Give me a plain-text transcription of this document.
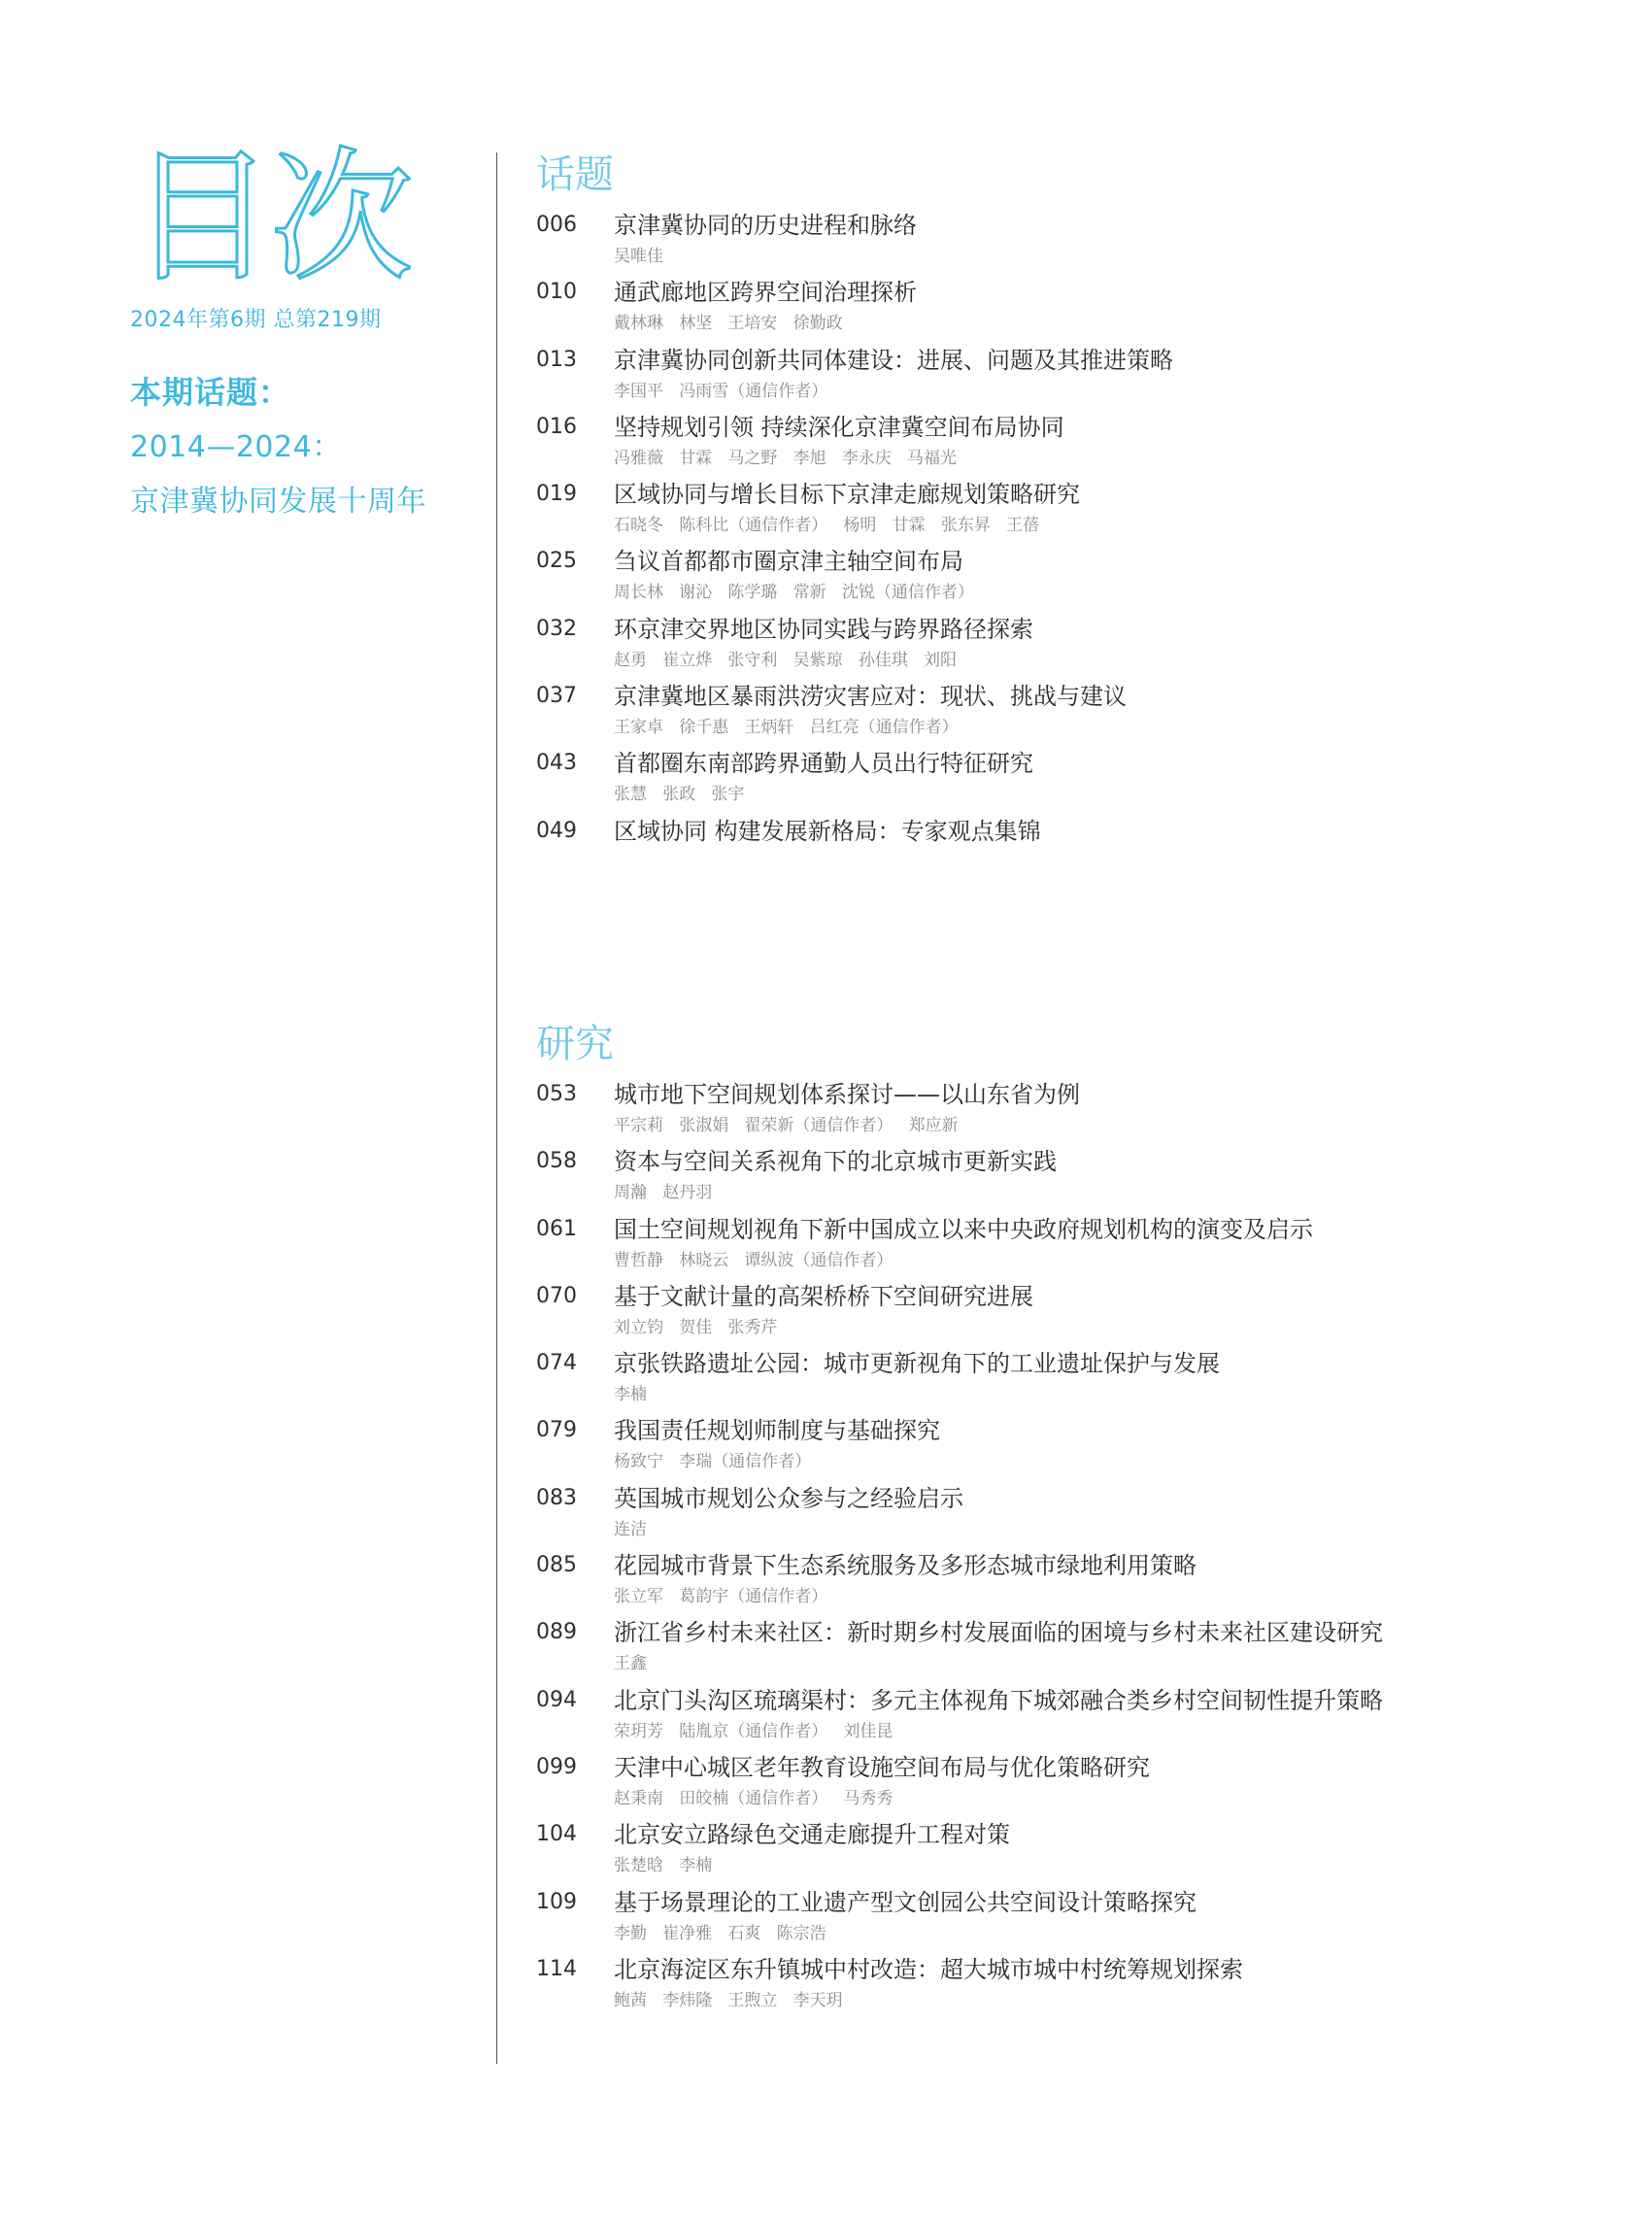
目次
2024年第6期 总第219期
本期话题：
2014—2024：
京津冀协同发展十周年
话题
006 京津冀协同的历史进程和脉络
吴唯佳
010 通武廊地区跨界空间治理探析
戴林琳   林坚   王培安   徐勤政
013 京津冀协同创新共同体建设：进展、问题及其推进策略
李国平   冯雨雪（通信作者）
016 坚持规划引领 持续深化京津冀空间布局协同
冯雅薇   甘霖   马之野   李旭   李永庆   马福光
019 区域协同与增长目标下京津走廊规划策略研究
石晓冬   陈科比（通信作者）   杨明   甘霖   张东昇   王蓓
025 刍议首都都市圈京津主轴空间布局
周长林   谢沁   陈学璐   常新   沈锐（通信作者）
032 环京津交界地区协同实践与跨界路径探索
赵勇   崔立烨   张守利   吴紫琼   孙佳琪   刘阳
037 京津冀地区暴雨洪涝灾害应对：现状、挑战与建议
王家卓   徐千惠   王炳轩   吕红亮（通信作者）
043 首都圈东南部跨界通勤人员出行特征研究
张慧   张政   张宇
049 区域协同 构建发展新格局：专家观点集锦
研究
053 城市地下空间规划体系探讨——以山东省为例
平宗莉   张淑娟   翟荣新（通信作者）   郑应新
058 资本与空间关系视角下的北京城市更新实践
周瀚   赵丹羽
061 国土空间规划视角下新中国成立以来中央政府规划机构的演变及启示
曹哲静   林晓云   谭纵波（通信作者）
070 基于文献计量的高架桥桥下空间研究进展
刘立钧   贺佳   张秀芹
074 京张铁路遗址公园：城市更新视角下的工业遗址保护与发展
李楠
079 我国责任规划师制度与基础探究
杨致宁   李瑞（通信作者）
083 英国城市规划公众参与之经验启示
连洁
085 花园城市背景下生态系统服务及多形态城市绿地利用策略
张立军   葛韵宇（通信作者）
089 浙江省乡村未来社区：新时期乡村发展面临的困境与乡村未来社区建设研究
王鑫
094 北京门头沟区琉璃渠村：多元主体视角下城郊融合类乡村空间韧性提升策略
荣玥芳   陆胤京（通信作者）   刘佳昆
099 天津中心城区老年教育设施空间布局与优化策略研究
赵秉南   田皎楠（通信作者）   马秀秀
104 北京安立路绿色交通走廊提升工程对策
张楚晗   李楠
109 基于场景理论的工业遗产型文创园公共空间设计策略探究
李勤   崔净雅   石爽   陈宗浩
114 北京海淀区东升镇城中村改造：超大城市城中村统筹规划探索
鲍茜   李炜隆   王煦立   李天玥
